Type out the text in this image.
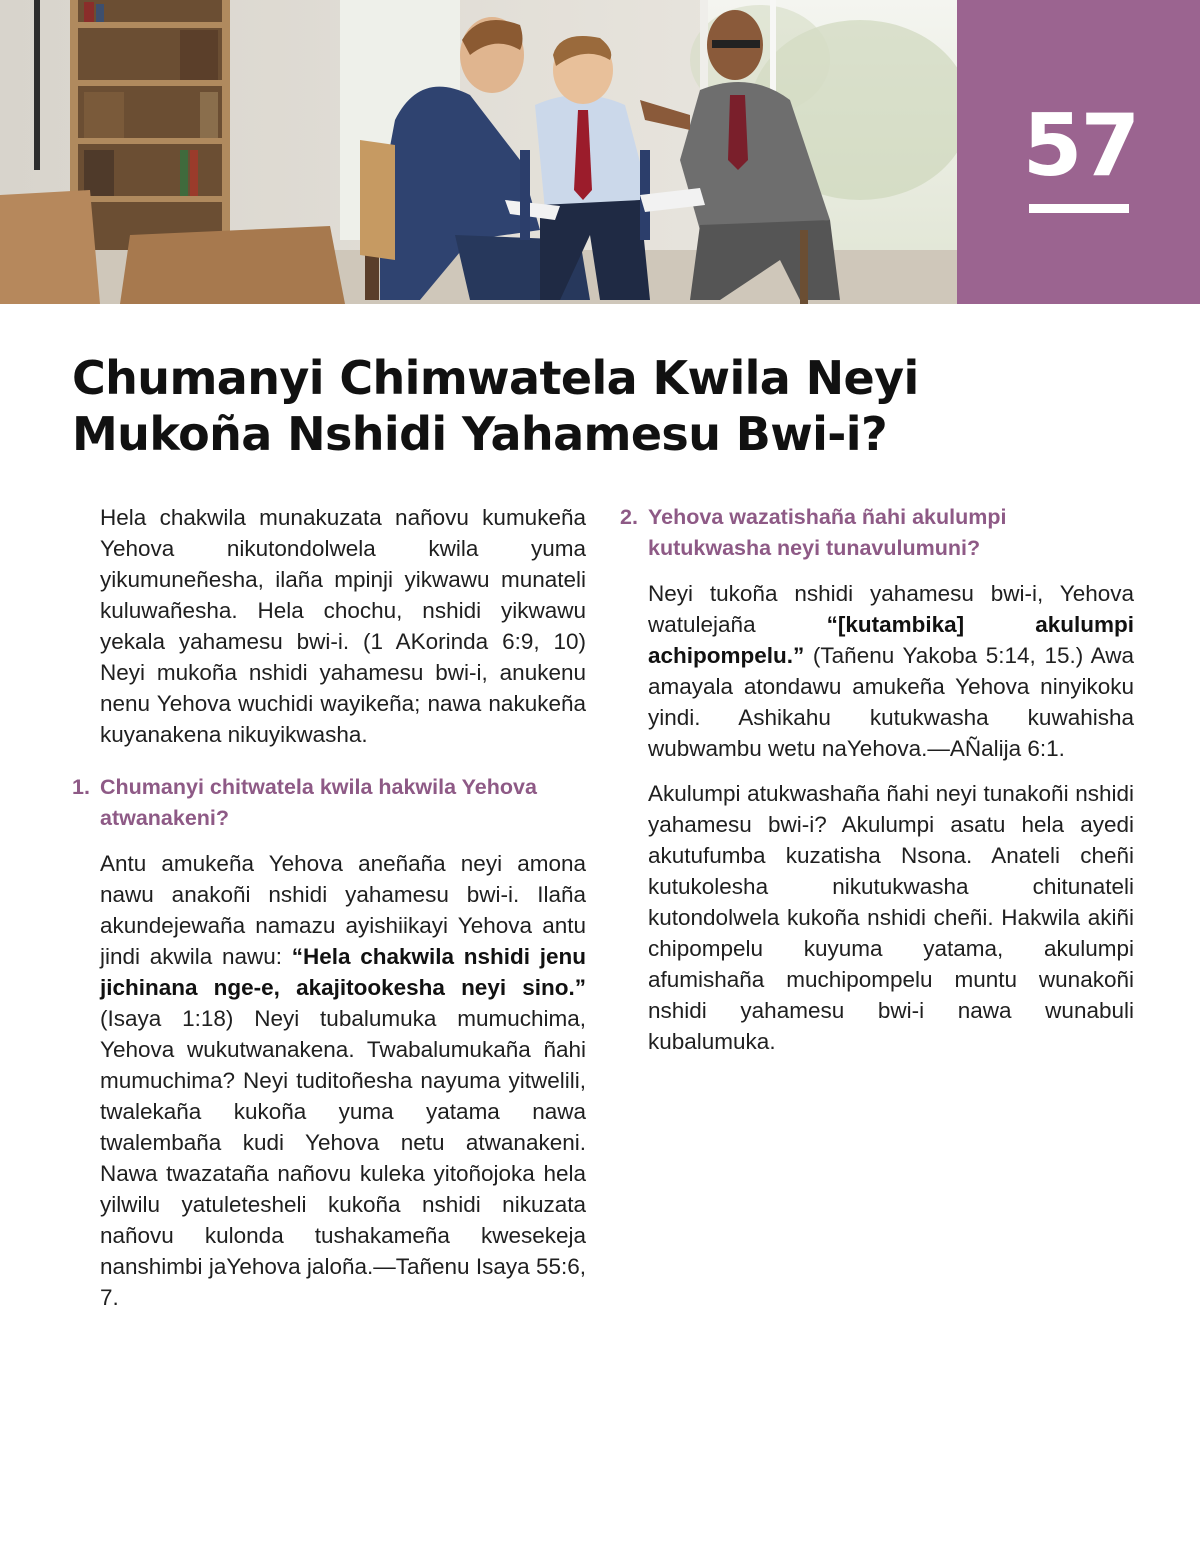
57
Chumanyi Chimwatela Kwila Neyi
Mukoña Nshidi Yahamesu Bwi-i?

Hela chakwila munakuzata nañovu kumukeña Yehova nikutondolwela kwila yuma yikumuneñesha, ilaña mpinji yikwawu munateli kuluwañesha. Hela chochu, nshidi yikwawu yekala yahamesu bwi-i. (1 AKorinda 6:9, 10) Neyi mukoña nshidi yahamesu bwi-i, anukenu nenu Yehova wuchidi wayikeña; nawa nakukeña kuyanakena nikuyikwasha.

1. Chumanyi chitwatela kwila hakwila Yehova atwanakeni?

Antu amukeña Yehova aneñaña neyi amona nawu anakoñi nshidi yahamesu bwi-i. Ilaña akundejewaña namazu ayishiikayi Yehova antu jindi akwila nawu: “Hela chakwila nshidi jenu jichinana nge-e, akajitookesha neyi sino.” (Isaya 1:18) Neyi tubalumuka mumuchima, Yehova wukutwanakena. Twabalumukaña ñahi mumuchima? Neyi tuditoñesha nayuma yitwelili, twalekaña kukoña yuma yatama nawa twalembaña kudi Yehova netu atwanakeni. Nawa twazataña nañovu kuleka yitoñojoka hela yilwilu yatuletesheli kukoña nshidi nikuzata nañovu kulonda tushakameña kwesekeja nanshimbi jaYehova jaloña.—Tañenu Isaya 55:6, 7.

2. Yehova wazatishaña ñahi akulumpi kutukwasha neyi tunavulumuni?

Neyi tukoña nshidi yahamesu bwi-i, Yehova watulejaña “[kutambika] akulumpi achipompelu.” (Tañenu Yakoba 5:14, 15.) Awa amayala atondawu amukeña Yehova ninyikoku yindi. Ashikahu kutukwasha kuwahisha wubwambu wetu naYehova.—AÑalija 6:1.

Akulumpi atukwashaña ñahi neyi tunakoñi nshidi yahamesu bwi-i? Akulumpi asatu hela ayedi akutufumba kuzatisha Nsona. Anateli cheñi kutukolesha nikutukwasha chitunateli kutondolwela kukoña nshidi cheñi. Hakwila akiñi chipompelu kuyuma yatama, akulumpi afumishaña muchipompelu muntu wunakoñi nshidi yahamesu bwi-i nawa wunabuli kubalumuka.
